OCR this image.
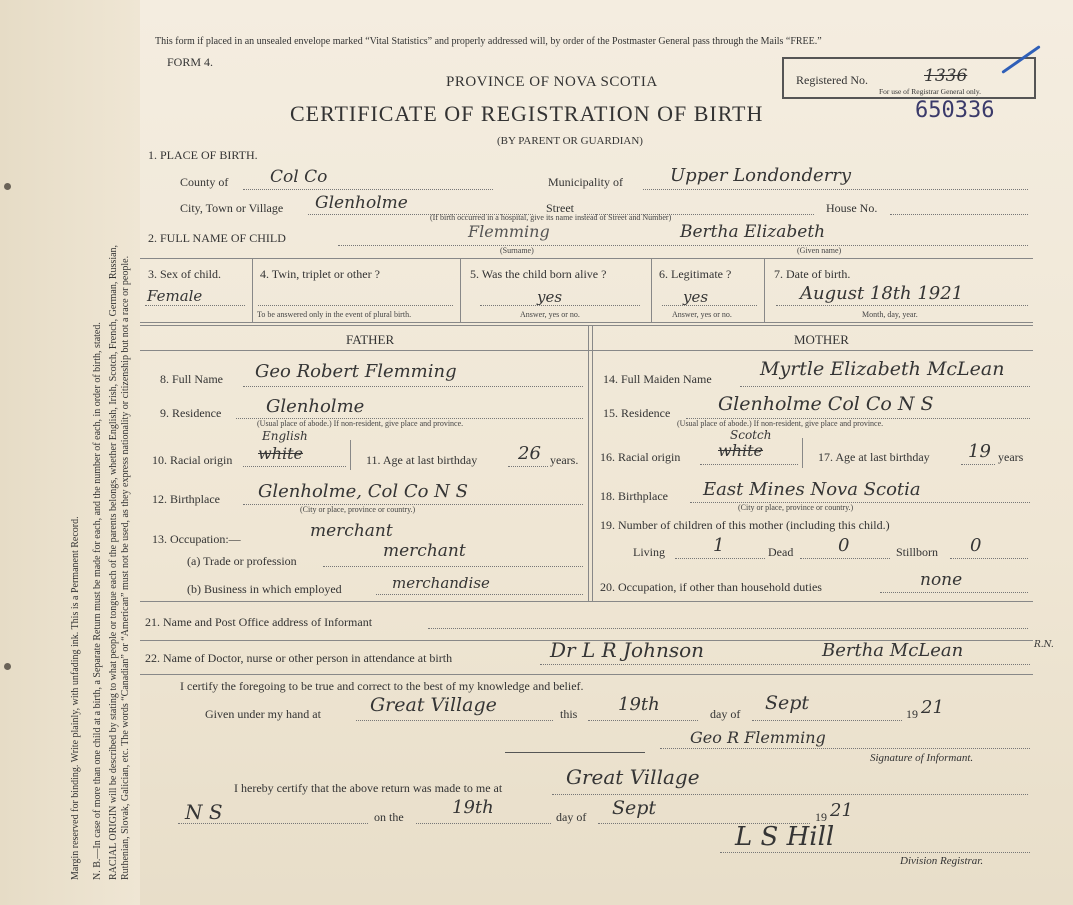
Margin reserved for binding. Write plainly, with unfading ink. This is a Permanent Record. N. B.—In case of more than one child at a birth, a Separate Return must be made for each, and the number of each, in order of birth, stated. RACIAL ORIGIN will be described by stating to what people or tongue each of the parents belongs, whether English, Irish, Scotch, French, German, Russian, Ruthenian, Slovak, Galician, etc. The words “Canadian” or “American” must not be used, as they express nationality or citizenship but not a race or people.
This form if placed in an unsealed envelope marked “Vital Statistics” and properly addressed will, by order of the Postmaster General pass through the Mails “FREE.”
FORM 4.
PROVINCE OF NOVA SCOTIA
CERTIFICATE OF REGISTRATION OF BIRTH
(BY PARENT OR GUARDIAN)
Registered No.	1336
For use of Registrar General only.
650336
1. PLACE OF BIRTH.
County of Col Co	Municipality of	Upper Londonderry
City, Town or Village Glenholme	Street	House No.
(If birth occurred in a hospital, give its name instead of Street and Number)
2. FULL NAME OF CHILD	Flemming
(Surname)
Bertha Elizabeth
(Given name)
3. Sex of child.
Female
4. Twin, triplet or other ?
To be answered only in the event of plural birth.
5. Was the child born alive ?
yes
Answer, yes or no.
6. Legitimate ?
yes
Answer, yes or no.
7. Date of birth.
August 18th 1921
Month, day, year.
FATHER	MOTHER
8. Full Name Geo Robert Flemming
9. Residence Glenholme
(Usual place of abode.) If non-resident, give place and province.
10. Racial origin white
English
11. Age at last birthday 26 years.
12. Birthplace Glenholme, Col Co N S
(City or place, province or country.)
13. Occupation:—	merchant
(a) Trade or profession	merchant
(b) Business in which employed	merchandise
14. Full Maiden Name	Myrtle Elizabeth McLean
15. Residence	Glenholme Col Co N S
(Usual place of abode.) If non-resident, give place and province.
16. Racial origin white
Scotch
17. Age at last birthday 19 years
18. Birthplace East Mines Nova Scotia
(City or place, province or country.)
19. Number of children of this mother (including this child.)
Living	1	Dead 0	Stillborn 0
20. Occupation, if other than household duties	none
21. Name and Post Office address of Informant
22. Name of Doctor, nurse or other person in attendance at birth	Dr L R Johnson	Bertha McLean	R.N.
I certify the foregoing to be true and correct to the best of my knowledge and belief.
Given under my hand at	Great Village	this 19th	day of Sept	19 21
Geo R Flemming
Signature of Informant.
I hereby certify that the above return was made to me at	Great Village
N S	on the	19th	day of Sept	19 21
L S Hill
Division Registrar.
